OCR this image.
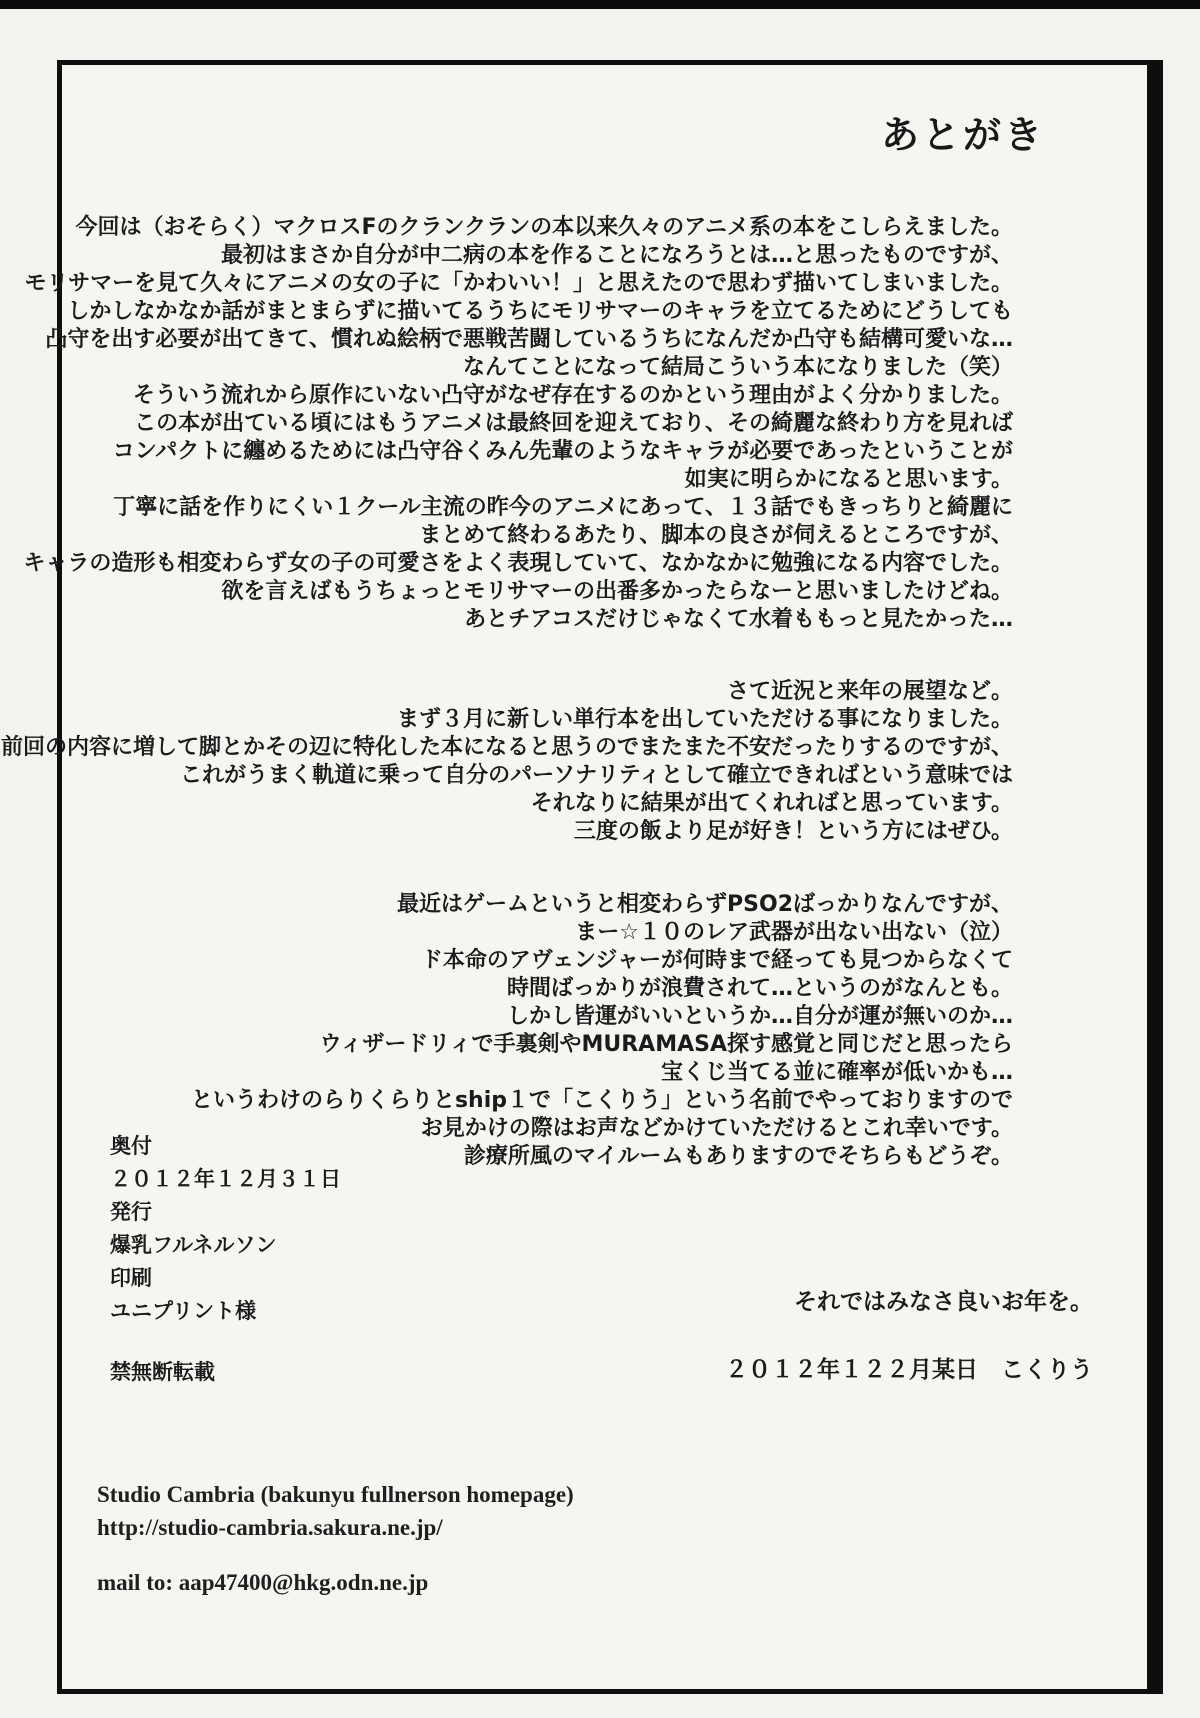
あとがき
今回は（おそらく）マクロスFのクランクランの本以来久々のアニメ系の本をこしらえました。
最初はまさか自分が中二病の本を作ることになろうとは…と思ったものですが、
モリサマーを見て久々にアニメの女の子に「かわいい！」と思えたので思わず描いてしまいました。
しかしなかなか話がまとまらずに描いてるうちにモリサマーのキャラを立てるためにどうしても
凸守を出す必要が出てきて、慣れぬ絵柄で悪戦苦闘しているうちになんだか凸守も結構可愛いな…
なんてことになって結局こういう本になりました（笑）
そういう流れから原作にいない凸守がなぜ存在するのかという理由がよく分かりました。
この本が出ている頃にはもうアニメは最終回を迎えており、その綺麗な終わり方を見れば
コンパクトに纏めるためには凸守谷くみん先輩のようなキャラが必要であったということが
如実に明らかになると思います。
丁寧に話を作りにくい１クール主流の昨今のアニメにあって、１３話でもきっちりと綺麗に
まとめて終わるあたり、脚本の良さが伺えるところですが、
キャラの造形も相変わらず女の子の可愛さをよく表現していて、なかなかに勉強になる内容でした。
欲を言えばもうちょっとモリサマーの出番多かったらなーと思いましたけどね。
あとチアコスだけじゃなくて水着ももっと見たかった…
さて近況と来年の展望など。
まず３月に新しい単行本を出していただける事になりました。
前回の内容に増して脚とかその辺に特化した本になると思うのでまたまた不安だったりするのですが、
これがうまく軌道に乗って自分のパーソナリティとして確立できればという意味では
それなりに結果が出てくれればと思っています。
三度の飯より足が好き！という方にはぜひ。
最近はゲームというと相変わらずPSO2ばっかりなんですが、
まー☆１０のレア武器が出ない出ない（泣）
ド本命のアヴェンジャーが何時まで経っても見つからなくて
時間ばっかりが浪費されて…というのがなんとも。
しかし皆運がいいというか…自分が運が無いのか…
ウィザードリィで手裏剣やMURAMASA探す感覚と同じだと思ったら
宝くじ当てる並に確率が低いかも…
というわけのらりくらりとship１で「こくりう」という名前でやっておりますので
お見かけの際はお声などかけていただけるとこれ幸いです。
診療所風のマイルームもありますのでそちらもどうぞ。
奥付
２０１２年１２月３１日
発行
爆乳フルネルソン
印刷
ユニプリント様
禁無断転載
それではみなさ良いお年を。
２０１２年１２２月某日　こくりう
Studio Cambria (bakunyu fullnerson homepage)
http://studio-cambria.sakura.ne.jp/
mail to: aap47400@hkg.odn.ne.jp
